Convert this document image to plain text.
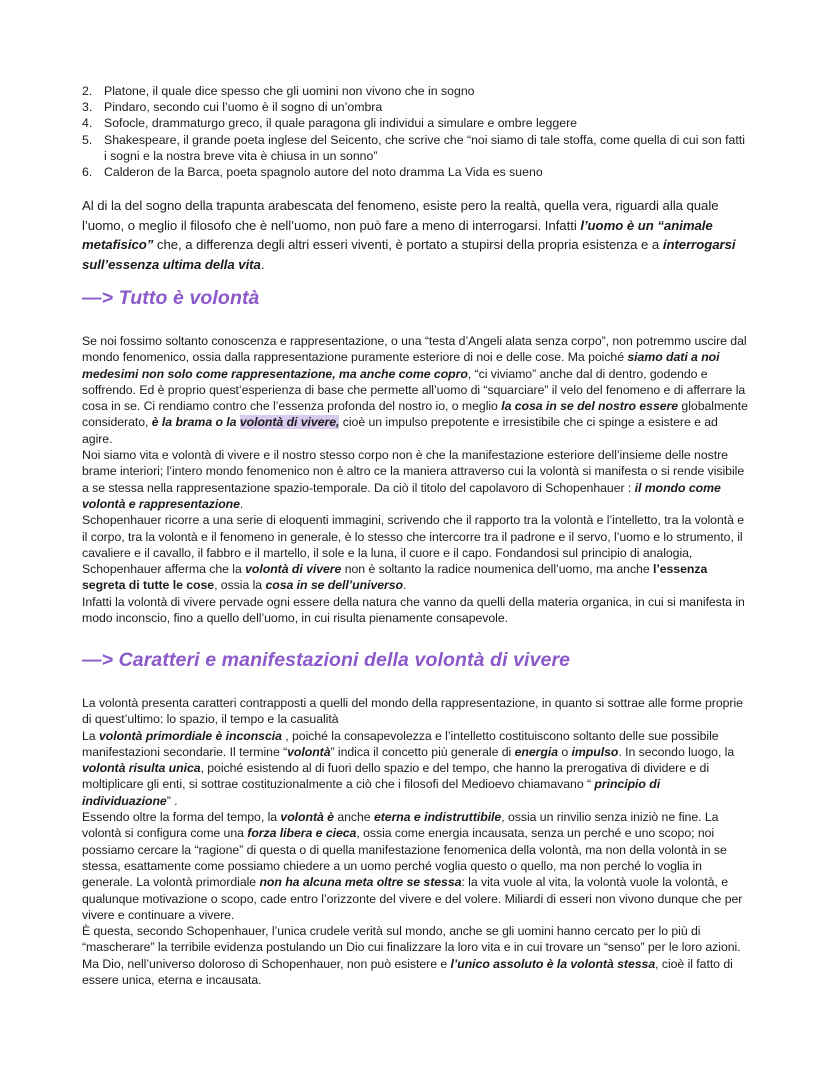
2. Platone, il quale dice spesso che gli uomini non vivono che in sogno
3. Pindaro, secondo cui l’uomo è il sogno di un’ombra
4. Sofocle, drammaturgo greco, il quale paragona gli individui a simulare e ombre leggere
5. Shakespeare, il grande poeta inglese del Seicento, che scrive che “noi siamo di tale stoffa, come quella di cui son fatti i sogni e la nostra breve vita è chiusa in un sonno”
6. Calderon de la Barca, poeta spagnolo autore del noto dramma La Vida es sueno

Al di la del sogno della trapunta arabescata del fenomeno, esiste pero la realtà, quella vera, riguardi alla quale l’uomo, o meglio il filosofo che è nell’uomo, non può fare a meno di interrogarsi. Infatti l’uomo è un “animale metafisico” che, a differenza degli altri esseri viventi, è portato a stupirsi della propria esistenza e a interrogarsi sull’essenza ultima della vita.

—> Tutto è volontà

Se noi fossimo soltanto conoscenza e rappresentazione, o una “testa d’Angeli alata senza corpo”, non potremmo uscire dal mondo fenomenico, ossia dalla rappresentazione puramente esteriore di noi e delle cose. Ma poiché siamo dati a noi medesimi non solo come rappresentazione, ma anche come copro, “ci viviamo” anche dal di dentro, godendo e soffrendo. Ed è proprio quest’esperienza di base che permette all’uomo di “squarciare” il velo del fenomeno e di afferrare la cosa in se. Ci rendiamo contro che l’essenza profonda del nostro io, o meglio la cosa in se del nostro essere globalmente considerato, è la brama o la volontà di vivere, cioè un impulso prepotente e irresistibile che ci spinge a esistere e ad agire.

Noi siamo vita e volontà di vivere e il nostro stesso corpo non è che la manifestazione esteriore dell’insieme delle nostre brame interiori; l’intero mondo fenomenico non è altro ce la maniera attraverso cui la volontà si manifesta o si rende visibile a se stessa nella rappresentazione spazio-temporale. Da ciò il titolo del capolavoro di Schopenhauer : il mondo come volontà e rappresentazione.

Schopenhauer ricorre a una serie di eloquenti immagini, scrivendo che il rapporto tra la volontà e l’intelletto, tra la volontà e il corpo, tra la volontà e il fenomeno in generale, è lo stesso che intercorre tra il padrone e il servo, l’uomo e lo strumento, il cavaliere e il cavallo, il fabbro e il martello, il sole e la luna, il cuore e il capo. Fondandosi sul principio di analogia, Schopenhauer afferma che la volontà di vivere non è soltanto la radice noumenica dell’uomo, ma anche l’essenza segreta di tutte le cose, ossia la cosa in se dell’universo.

Infatti la volontà di vivere pervade ogni essere della natura che vanno da quelli della materia organica, in cui si manifesta in modo inconscio, fino a quello dell’uomo, in cui risulta pienamente consapevole.

—> Caratteri e manifestazioni della volontà di vivere

La volontà presenta caratteri contrapposti a quelli del mondo della rappresentazione, in quanto si sottrae alle forme proprie di quest’ultimo: lo spazio, il tempo e la casualità

La volontà primordiale è inconscia , poiché la consapevolezza e l’intelletto costituiscono soltanto delle sue possibile manifestazioni secondarie. Il termine “volontà” indica il concetto più generale di energia o impulso. In secondo luogo, la volontà risulta unica, poiché esistendo al di fuori dello spazio e del tempo, che hanno la prerogativa di dividere e di moltiplicare gli enti, si sottrae costituzionalmente a ciò che i filosofi del Medioevo chiamavano “ principio di individuazione” .

Essendo oltre la forma del tempo, la volontà è anche eterna e indistruttibile, ossia un rinvilio senza iniziò ne fine. La volontà si configura come una forza libera e cieca, ossia come energia incausata, senza un perché e uno scopo; noi possiamo cercare la “ragione” di questa o di quella manifestazione fenomenica della volontà, ma non della volontà in se stessa, esattamente come possiamo chiedere a un uomo perché voglia questo o quello, ma non perché lo voglia in generale. La volontà primordiale non ha alcuna meta oltre se stessa: la vita vuole al vita, la volontà vuole la volontà, e qualunque motivazione o scopo, cade entro l’orizzonte del vivere e del volere. Miliardi di esseri non vivono dunque che per vivere e continuare a vivere.

È questa, secondo Schopenhauer, l’unica crudele verità sul mondo, anche se gli uomini hanno cercato per lo più di “mascherare” la terribile evidenza postulando un Dio cui finalizzare la loro vita e in cui trovare un “senso” per le loro azioni. Ma Dio, nell’universo doloroso di Schopenhauer, non può esistere e l’unico assoluto è la volontà stessa, cioè il fatto di essere unica, eterna e incausata.
